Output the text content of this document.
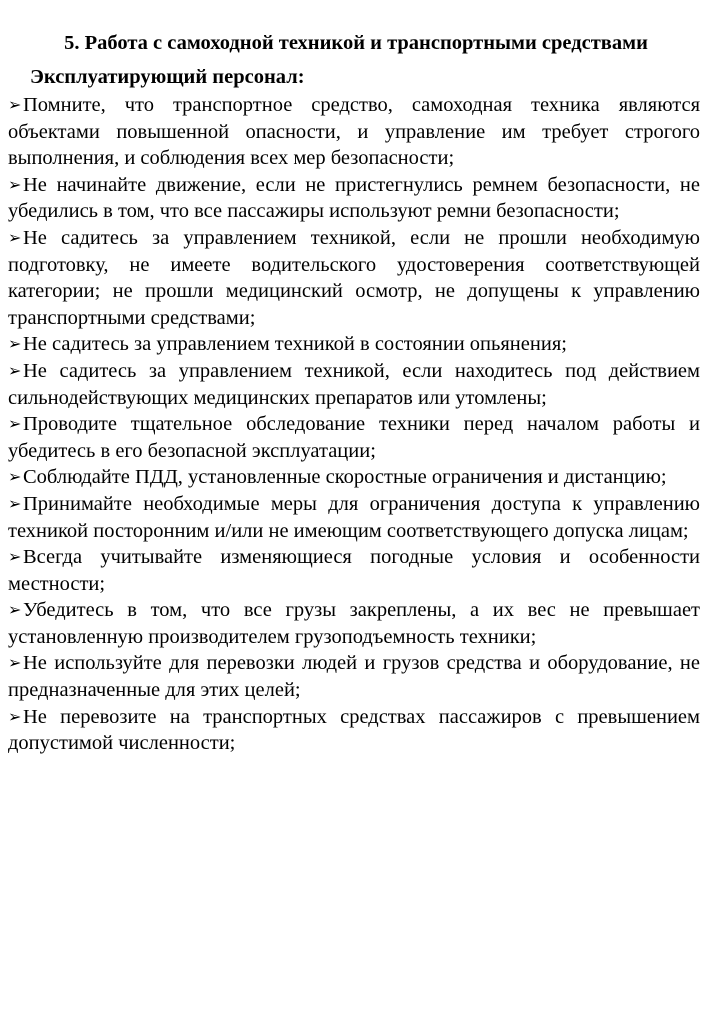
5. Работа с самоходной техникой и транспортными средствами
Эксплуатирующий персонал:
➢Помните, что транспортное средство, самоходная техника являются объектами повышенной опасности, и управление им требует строгого выполнения, и соблюдения всех мер безопасности;
➢Не начинайте движение, если не пристегнулись ремнем безопасности, не убедились в том, что все пассажиры используют ремни безопасности;
➢Не садитесь за управлением техникой, если не прошли необходимую подготовку, не имеете водительского удостоверения соответствующей категории; не прошли медицинский осмотр, не допущены к управлению транспортными средствами;
➢Не садитесь за управлением техникой в состоянии опьянения;
➢Не садитесь за управлением техникой, если находитесь под действием сильнодействующих медицинских препаратов или утомлены;
➢Проводите тщательное обследование техники перед началом работы и убедитесь в его безопасной эксплуатации;
➢Соблюдайте ПДД, установленные скоростные ограничения и дистанцию;
➢Принимайте необходимые меры для ограничения доступа к управлению техникой посторонним и/или не имеющим соответствующего допуска лицам;
➢Всегда учитывайте изменяющиеся погодные условия и особенности местности;
➢Убедитесь в том, что все грузы закреплены, а их вес не превышает установленную производителем грузоподъемность техники;
➢Не используйте для перевозки людей и грузов средства и оборудование, не предназначенные для этих целей;
➢Не перевозите на транспортных средствах пассажиров с превышением допустимой численности;
